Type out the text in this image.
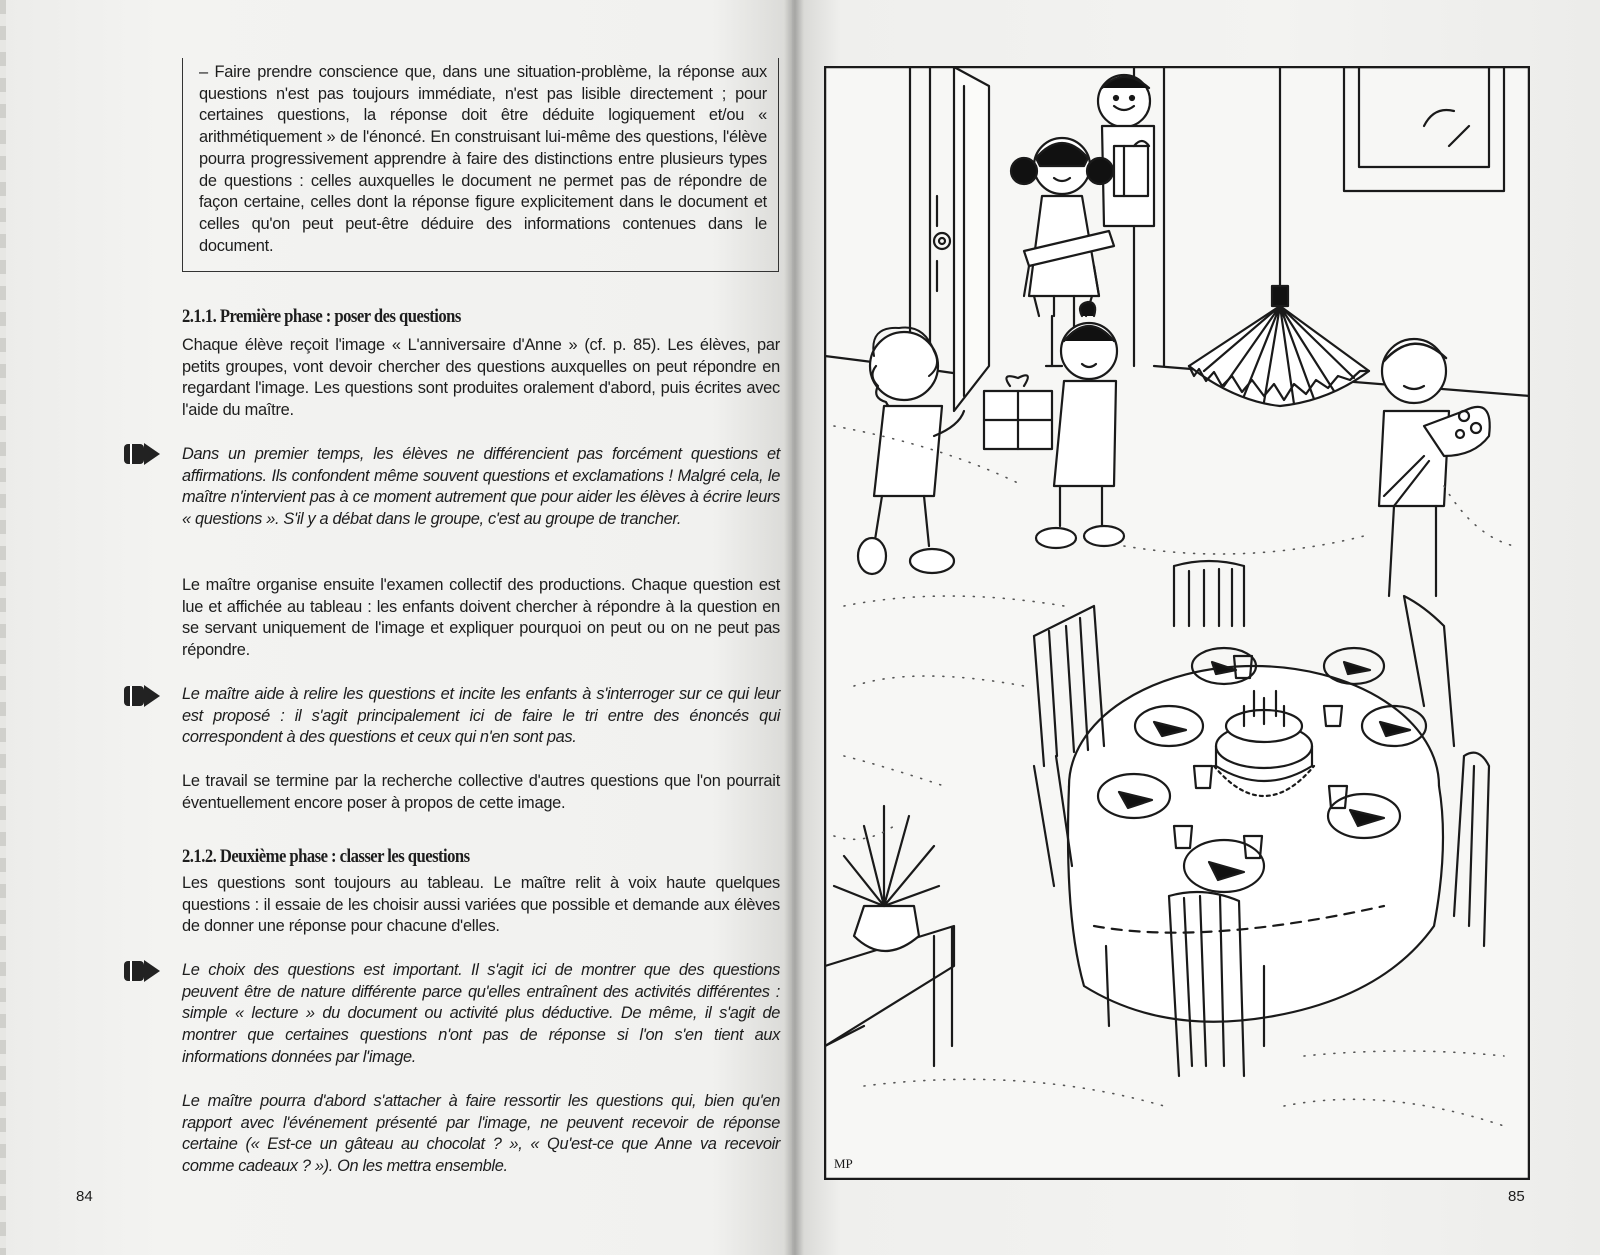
– Faire prendre conscience que, dans une situation-problème, la réponse aux questions n'est pas toujours immédiate, n'est pas lisible directement ; pour certaines questions, la réponse doit être déduite logiquement et/ou « arithmétiquement » de l'énoncé. En construisant lui-même des questions, l'élève pourra progressivement apprendre à faire des distinctions entre plusieurs types de questions : celles auxquelles le document ne permet pas de répondre de façon certaine, celles dont la réponse figure explicitement dans le document et celles qu'on peut peut-être déduire des informations contenues dans le document.

2.1.1. Première phase : poser des questions

Chaque élève reçoit l'image « L'anniversaire d'Anne » (cf. p. 85). Les élèves, par petits groupes, vont devoir chercher des questions auxquelles on peut répondre en regardant l'image. Les questions sont produites oralement d'abord, puis écrites avec l'aide du maître.

Dans un premier temps, les élèves ne différencient pas forcément questions et affirmations. Ils confondent même souvent questions et exclamations ! Malgré cela, le maître n'intervient pas à ce moment autrement que pour aider les élèves à écrire leurs « questions ». S'il y a débat dans le groupe, c'est au groupe de trancher.

Le maître organise ensuite l'examen collectif des productions. Chaque question est lue et affichée au tableau : les enfants doivent chercher à répondre à la question en se servant uniquement de l'image et expliquer pourquoi on peut ou on ne peut pas répondre.

Le maître aide à relire les questions et incite les enfants à s'interroger sur ce qui leur est proposé : il s'agit principalement ici de faire le tri entre des énoncés qui correspondent à des questions et ceux qui n'en sont pas.

Le travail se termine par la recherche collective d'autres questions que l'on pourrait éventuellement encore poser à propos de cette image.

2.1.2. Deuxième phase : classer les questions

Les questions sont toujours au tableau. Le maître relit à voix haute quelques questions : il essaie de les choisir aussi variées que possible et demande aux élèves de donner une réponse pour chacune d'elles.

Le choix des questions est important. Il s'agit ici de montrer que des questions peuvent être de nature différente parce qu'elles entraînent des activités différentes : simple « lecture » du document ou activité plus déductive. De même, il s'agit de montrer que certaines questions n'ont pas de réponse si l'on s'en tient aux informations données par l'image.

Le maître pourra d'abord s'attacher à faire ressortir les questions qui, bien qu'en rapport avec l'événement présenté par l'image, ne peuvent recevoir de réponse certaine (« Est-ce un gâteau au chocolat ? », « Qu'est-ce que Anne va recevoir comme cadeaux ? »). On les mettra ensemble.

84	85
MP
